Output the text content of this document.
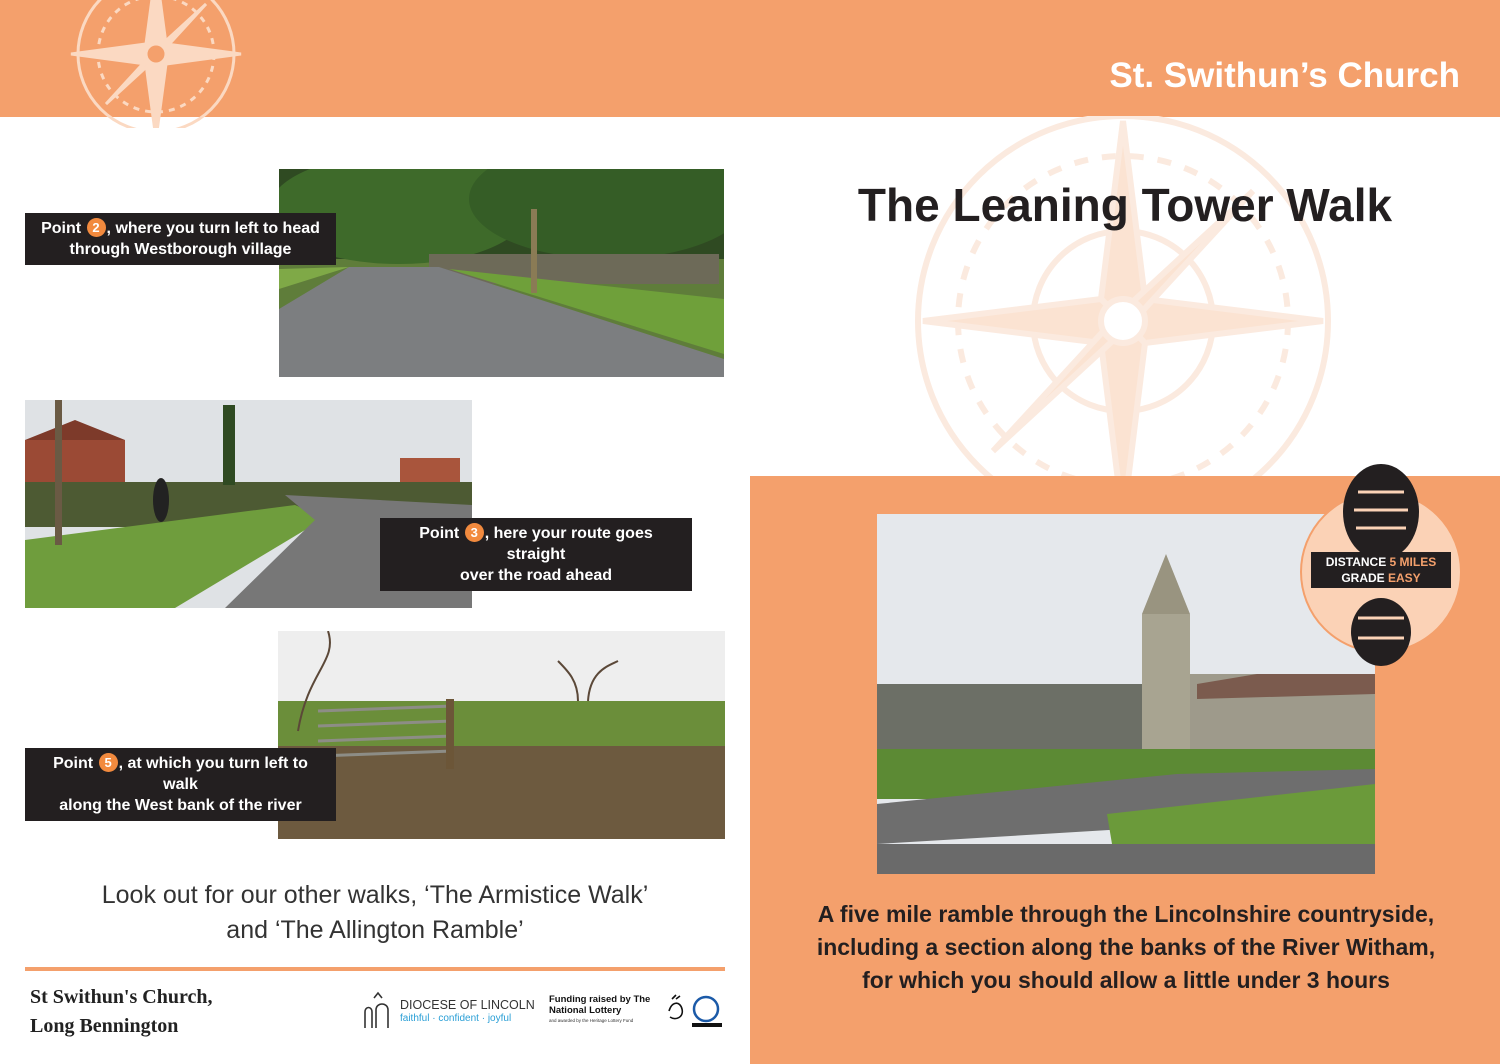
St. Swithun’s Church
Point 2 , where you turn left to head
through Westborough village
Point 3 , here your route goes straight
over the road ahead
Point 5 , at which you turn left to walk
along the West bank of the river
Look out for our other walks, ‘The Armistice Walk’
and ‘The Allington Ramble’
St Swithun's Church,
Long Bennington
DIOCESE OF LINCOLN
faithful · confident · joyful
Funding raised by The National Lottery
and awarded by the Heritage Lottery Fund
The Leaning Tower Walk
DISTANCE 5 MILES
GRADE EASY
A five mile ramble through the Lincolnshire countryside,
including a section along the banks of the River Witham,
for which you should allow a little under 3 hours
